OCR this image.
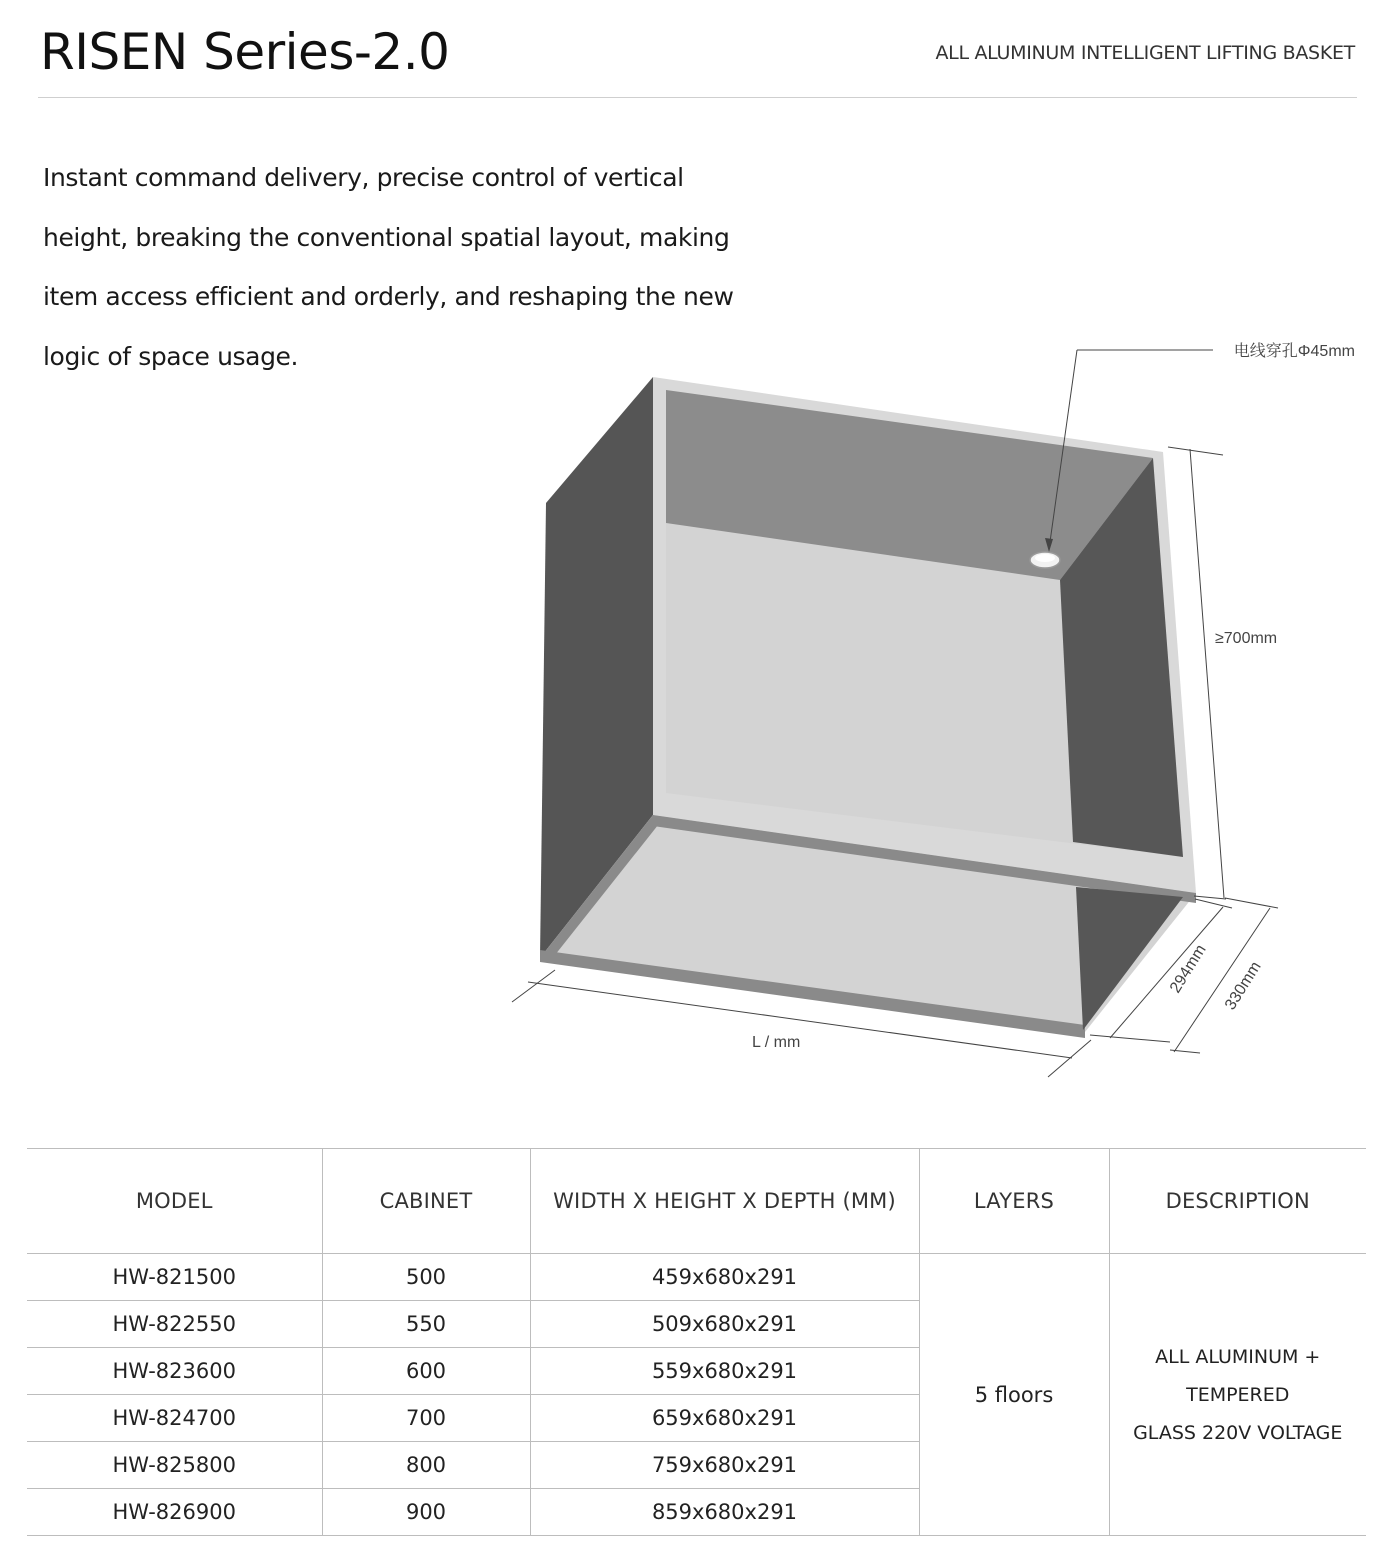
RISEN Series-2.0	ALL ALUMINUM INTELLIGENT LIFTING BASKET
Instant command delivery, precise control of vertical
height, breaking the conventional spatial layout, making
item access efficient and orderly, and reshaping the new
logic of space usage.	电线穿孔Φ45mm
≥700mm
L / mm
294mm 330mm
MODEL	CABINET	WIDTH X HEIGHT X DEPTH (MM)	LAYERS	DESCRIPTION
HW-821500	500	459x680x291	5 floors	ALL ALUMINUM +
TEMPERED
GLASS 220V VOLTAGE

HW-822550	550	509x680x291		
HW-823600	600	559x680x291		
HW-824700	700	659x680x291		
HW-825800	800	759x680x291		
HW-826900	900	859x680x291		
